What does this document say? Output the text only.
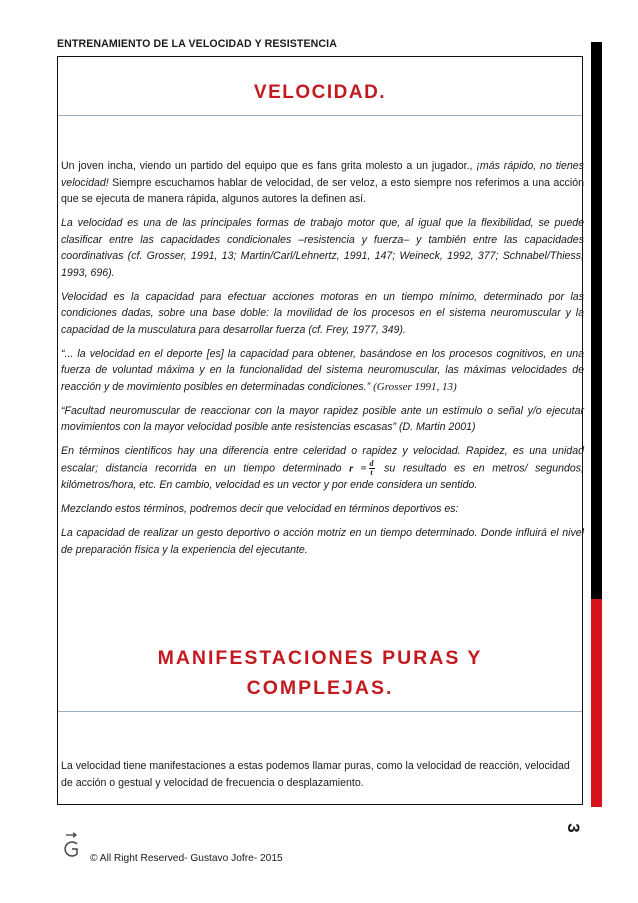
ENTRENAMIENTO DE LA VELOCIDAD Y RESISTENCIA
VELOCIDAD.

Un joven incha, viendo un partido del equipo que es fans grita molesto a un jugador., ¡más rápido, no tienes velocidad! Siempre escuchamos hablar de velocidad, de ser veloz, a esto siempre nos referimos a una acción que se ejecuta de manera rápida, algunos autores la definen así.

La velocidad es una de las principales formas de trabajo motor que, al igual que la flexibilidad, se puede clasificar entre las capacidades condicionales –resistencia y fuerza– y también entre las capacidades coordinativas (cf. Grosser, 1991, 13; Martin/Carl/Lehnertz, 1991, 147; Weineck, 1992, 377; Schnabel/Thiess, 1993, 696).

Velocidad es la capacidad para efectuar acciones motoras en un tiempo mínimo, determinado por las condiciones dadas, sobre una base doble: la movilidad de los procesos en el sistema neuromuscular y la capacidad de la musculatura para desarrollar fuerza (cf. Frey, 1977, 349).

“... la velocidad en el deporte [es] la capacidad para obtener, basándose en los procesos cognitivos, en una fuerza de voluntad máxima y en la funcionalidad del sistema neuromuscular, las máximas velocidades de reacción y de movimiento posibles en determinadas condiciones.” (Grosser 1991, 13)

“Facultad neuromuscular de reaccionar con la mayor rapidez posible ante un estímulo o señal y/o ejecutar movimientos con la mayor velocidad posible ante resistencias escasas” (D. Martin 2001)

En términos científicos hay una diferencia entre celeridad o rapidez y velocidad. Rapidez, es una unidad escalar; distancia recorrida en un tiempo determinado $r = \frac{d}{t}$ su resultado es en metros/ segundos, kilómetros/hora, etc. En cambio, velocidad es un vector y por ende considera un sentido.

Mezclando estos términos, podremos decir que velocidad en términos deportivos es:

La capacidad de realizar un gesto deportivo o acción motriz en un tiempo determinado. Donde influirá el nivel de preparación física y la experiencia del ejecutante.

MANIFESTACIONES PURAS Y
COMPLEJAS.

La velocidad tiene manifestaciones a estas podemos llamar puras, como la velocidad de reacción, velocidad de acción o gestual y velocidad de frecuencia o desplazamiento.

3
© All Right Reserved- Gustavo Jofre- 2015
